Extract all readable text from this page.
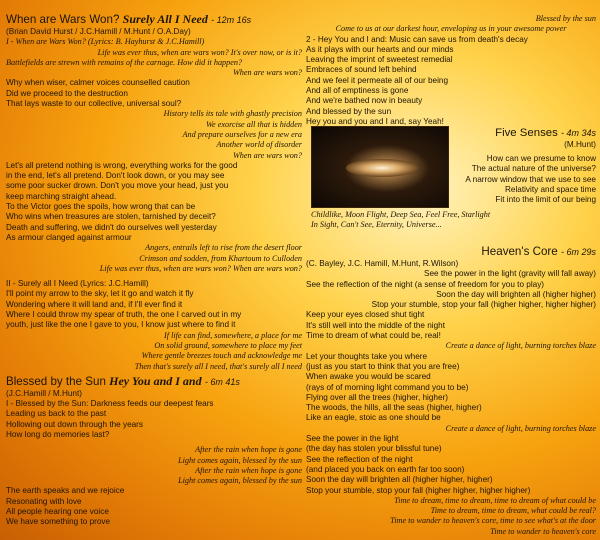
When are Wars Won? Surely All I Need - 12m 16s
(Brian David Hurst / J.C.Hamill / M.Hunt / O.A.Day)
I - When are Wars Won? (Lyrics: B. Hayhurst & J.C.Hamill)
Life was ever thus, when are wars won? It's over now, or is it?
Battlefields are strewn with remains of the carnage. How did it happen?
When are wars won?
Why when wiser, calmer voices counselled caution
Did we proceed to the destruction
That lays waste to our collective, universal soul?
History tells its tale with ghastly precision
We exorcise all that is hidden
And prepare ourselves for a new era
Another world of disorder
When are wars won?
Let's all pretend nothing is wrong, everything works for the good
in the end, let's all pretend. Don't look down, or you may see
some poor sucker drown. Don't you move your head, just you
keep marching straight ahead.
To the Victor goes the spoils, how wrong that can be
Who wins when treasures are stolen, tarnished by deceit?
Death and suffering, we didn't do ourselves well yesterday
As armour clanged against armour
Angers, entrails left to rise from the desert floor
Crimson and sodden, from Khartoum to Culloden
Life was ever thus, when are wars won? When are wars won?
II - Surely all I Need (Lyrics: J.C.Hamill)
I'll point my arrow to the sky, let it go and watch it fly
Wondering where it will land and, if I'll ever find it
Where I could throw my spear of truth, the one I carved out in my
youth, just like the one I gave to you, I know just where to find it
If life can find, somewhere, a place for me
On solid ground, somewhere to place my feet
Where gentle breezes touch and acknowledge me
Then that's surely all I need, that's surely all I need
Blessed by the Sun Hey You and I and - 6m 41s
(J.C.Hamill / M.Hunt)
I - Blessed by the Sun: Darkness feeds our deepest fears
Leading us back to the past
Hollowing out down through the years
How long do memories last?
After the rain when hope is gone
Light comes again, blessed by the sun
After the rain when hope is gone
Light comes again, blessed by the sun
The earth speaks and we rejoice
Resonating with love
All people hearing one voice
We have something to prove
Blessed by the sun
Come to us at our darkest hour, enveloping us in your awesome power
2 - Hey You and I and: Music can save us from death's decay
As it plays with our hearts and our minds
Leaving the imprint of sweetest remedial
Embraces of sound left behind
And we feel it permeate all of our being
And all of emptiness is gone
And we're bathed now in beauty
And blessed by the sun
Hey you and you and I and, say Yeah!
Five Senses - 4m 34s
(M.Hunt)
How can we presume to know
The actual nature of the universe?
A narrow window that we use to see
Relativity and space time
Fit into the limit of our being
Childlike, Moon Flight, Deep Sea, Feel Free, Starlight
In Sight, Can't See, Eternity, Universe...
Heaven's Core - 6m 29s
(C. Bayley, J.C. Hamill, M.Hunt, R.Wilson)
See the power in the light (gravity will fall away)
See the reflection of the night (a sense of freedom for you to play)
Soon the day will brighten all (higher higher)
Stop your stumble, stop your fall (higher higher, higher higher)
Keep your eyes closed shut tight
It's still well into the middle of the night
Time to dream of what could be, real!
Create a dance of light, burning torches blaze
Let your thoughts take you where
(just as you start to think that you are free)
When awake you would be scared
(rays of of morning light command you to be)
Flying over all the trees (higher, higher)
The woods, the hills, all the seas (higher, higher)
Like an eagle, stoic as one should be
Create a dance of light, burning torches blaze
See the power in the light
(the day has stolen your blissful tune)
See the reflection of the night
(and placed you back on earth far too soon)
Soon the day will brighten all (higher higher, higher)
Stop your stumble, stop your fall (higher higher, higher higher)
Time to dream, time to dream, time to dream of what could be
Time to dream, time to dream, what could be real?
Time to wander to heaven's core, time to see what's at the door
Time to wander to heaven's core
